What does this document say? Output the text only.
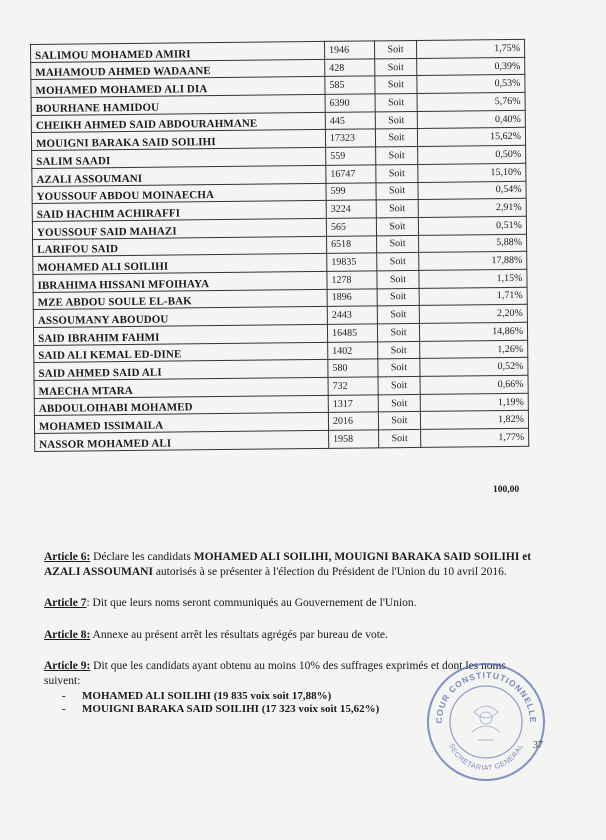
SALIMOU MOHAMED AMIRI	1946	Soit	1,75%
MAHAMOUD AHMED WADAANE	428	Soit	0,39%
MOHAMED MOHAMED ALI DIA	585	Soit	0,53%
BOURHANE HAMIDOU	6390	Soit	5,76%
CHEIKH AHMED SAID ABDOURAHMANE	445	Soit	0,40%
MOUIGNI BARAKA SAID SOILIHI	17323	Soit	15,62%
SALIM SAADI	559	Soit	0,50%
AZALI ASSOUMANI	16747	Soit	15,10%
YOUSSOUF ABDOU MOINAECHA	599	Soit	0,54%
SAID HACHIM ACHIRAFFI	3224	Soit	2,91%
YOUSSOUF SAID MAHAZI	565	Soit	0,51%
LARIFOU SAID	6518	Soit	5,88%
MOHAMED ALI SOILIHI	19835	Soit	17,88%
IBRAHIMA HISSANI MFOIHAYA	1278	Soit	1,15%
MZE ABDOU SOULE EL-BAK	1896	Soit	1,71%
ASSOUMANY ABOUDOU	2443	Soit	2,20%
SAID IBRAHIM FAHMI	16485	Soit	14,86%
SAID ALI KEMAL ED-DINE	1402	Soit	1,26%
SAID AHMED SAID ALI	580	Soit	0,52%
MAECHA MTARA	732	Soit	0,66%
ABDOULOIHABI MOHAMED	1317	Soit	1,19%
MOHAMED ISSIMAILA	2016	Soit	1,82%
NASSOR MOHAMED ALI	1958	Soit	1,77%
100,00

Article 6: Déclare les candidats MOHAMED ALI SOILIHI, MOUIGNI BARAKA SAID SOILIHI et AZALI ASSOUMANI autorisés à se présenter à l'élection du Président de l'Union du 10 avril 2016.

Article 7: Dit que leurs noms seront communiqués au Gouvernement de l'Union.

Article 8: Annexe au présent arrêt les résultats agrégés par bureau de vote.

Article 9: Dit que les candidats ayant obtenu au moins 10% des suffrages exprimés et dont les noms suivent:

- MOHAMED ALI SOILIHI (19 835 voix soit 17,88%)
- MOUIGNI BARAKA SAID SOILIHI (17 323 voix soit 15,62%)
COUR CONSTITUTIONNELLE
SECRETARIAT GENERAL 37
